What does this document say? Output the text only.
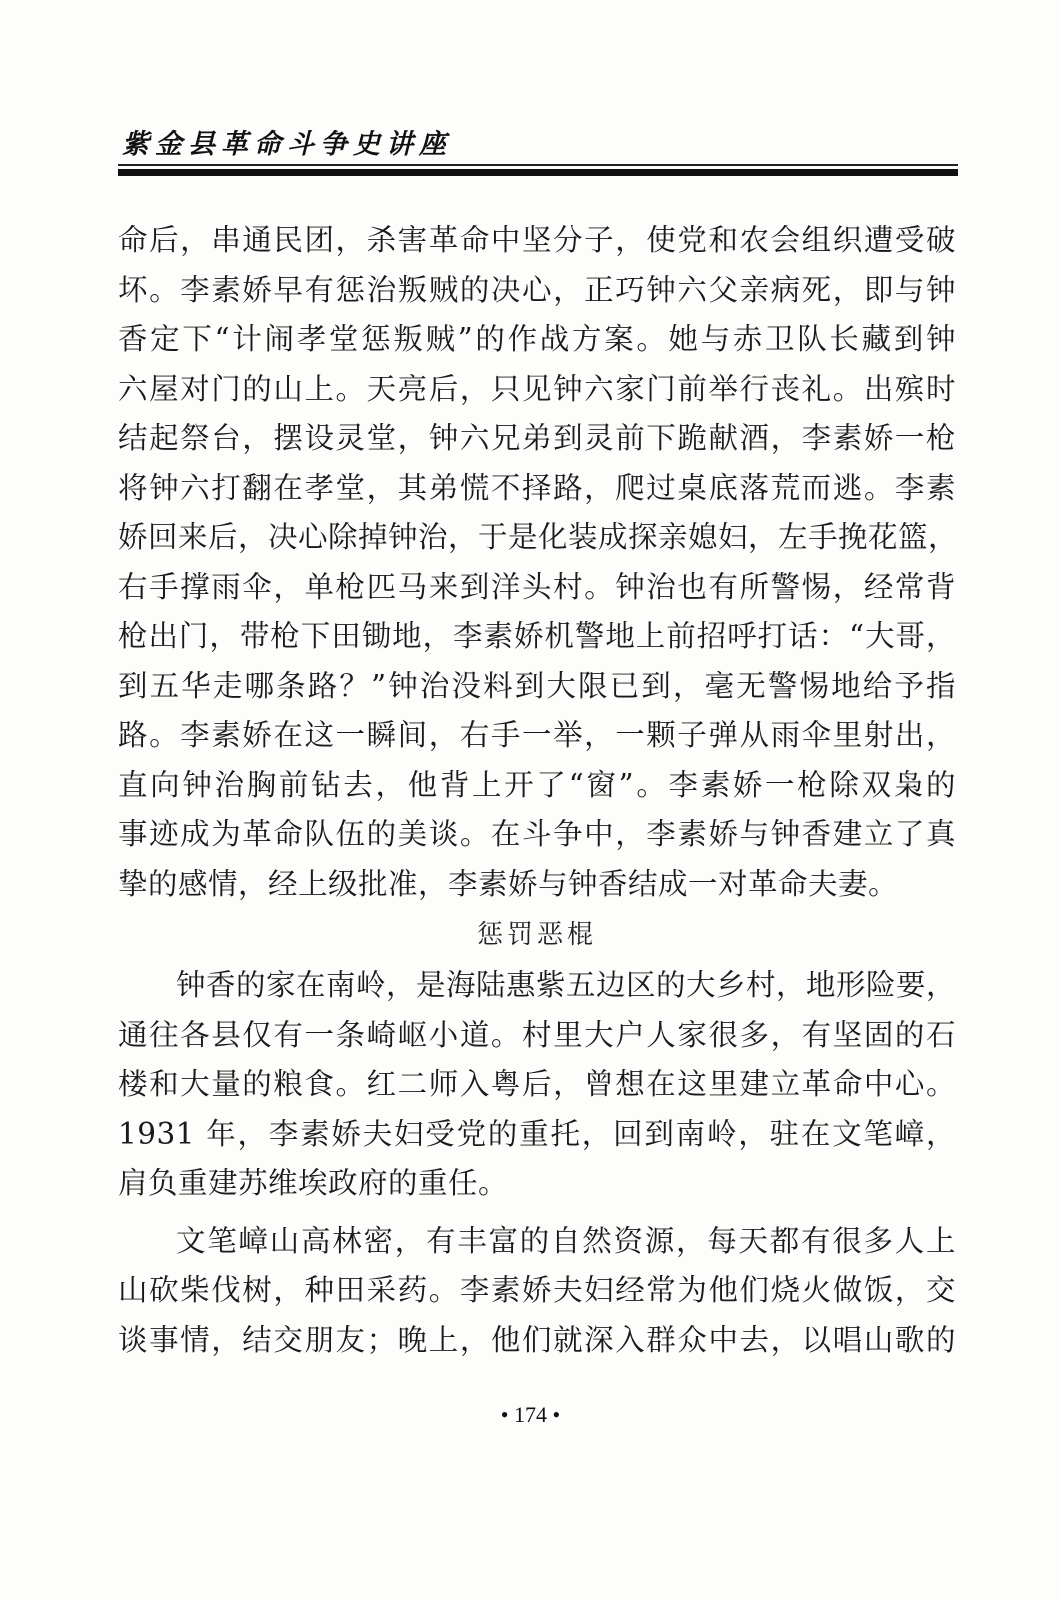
紫金县革命斗争史讲座
命后，串通民团，杀害革命中坚分子，使党和农会组织遭受破
坏。李素娇早有惩治叛贼的决心，正巧钟六父亲病死，即与钟
香定下“计闹孝堂惩叛贼”的作战方案。她与赤卫队长藏到钟
六屋对门的山上。天亮后，只见钟六家门前举行丧礼。出殡时
结起祭台，摆设灵堂，钟六兄弟到灵前下跪献酒，李素娇一枪
将钟六打翻在孝堂，其弟慌不择路，爬过桌底落荒而逃。李素
娇回来后，决心除掉钟治，于是化装成探亲媳妇，左手挽花篮，
右手撑雨伞，单枪匹马来到洋头村。钟治也有所警惕，经常背
枪出门，带枪下田锄地，李素娇机警地上前招呼打话：“大哥，
到五华走哪条路？”钟治没料到大限已到，毫无警惕地给予指
路。李素娇在这一瞬间，右手一举，一颗子弹从雨伞里射出，
直向钟治胸前钻去，他背上开了“窗”。李素娇一枪除双枭的
事迹成为革命队伍的美谈。在斗争中，李素娇与钟香建立了真
挚的感情，经上级批准，李素娇与钟香结成一对革命夫妻。
惩罚恶棍
钟香的家在南岭，是海陆惠紫五边区的大乡村，地形险要，
通往各县仅有一条崎岖小道。村里大户人家很多，有坚固的石
楼和大量的粮食。红二师入粤后，曾想在这里建立革命中心。
1931 年，李素娇夫妇受党的重托，回到南岭，驻在文笔嶂，
肩负重建苏维埃政府的重任。
文笔嶂山高林密，有丰富的自然资源，每天都有很多人上
山砍柴伐树，种田采药。李素娇夫妇经常为他们烧火做饭，交
谈事情，结交朋友；晚上，他们就深入群众中去，以唱山歌的
• 174 •
